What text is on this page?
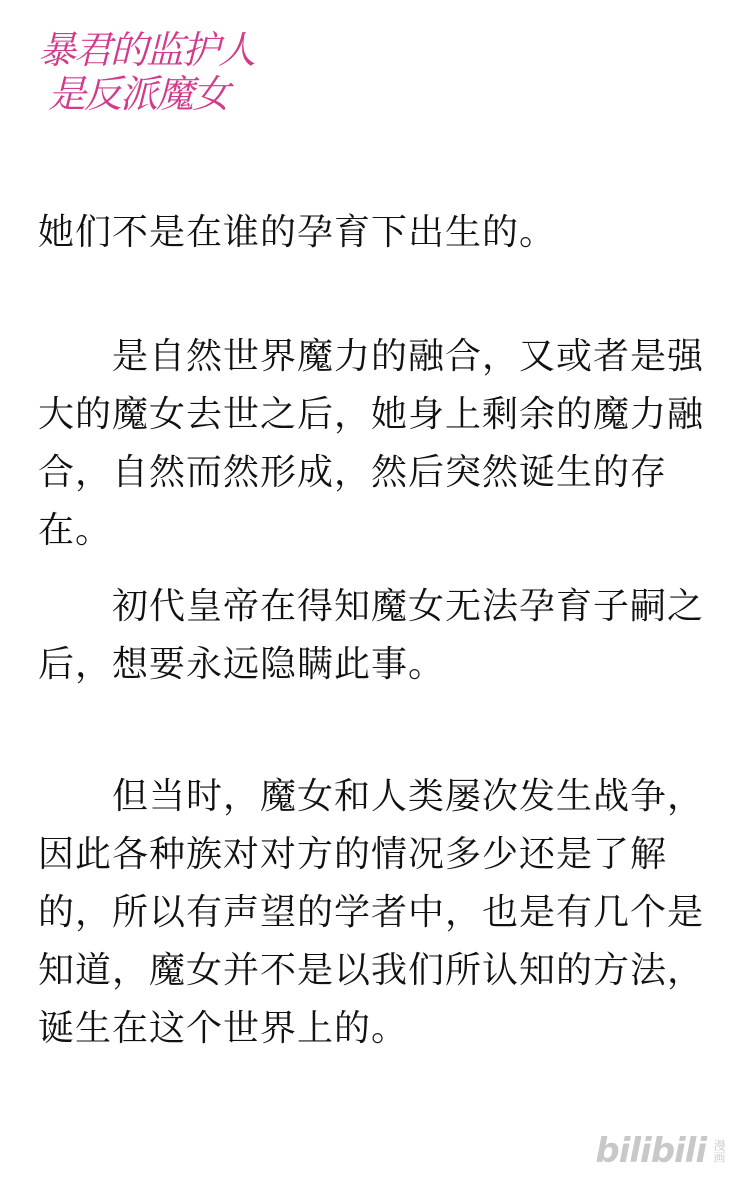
暴君的监护人
是反派魔女

她们不是在谁的孕育下出生的。

是自然世界魔力的融合，又或者是强大的魔女去世之后，她身上剩余的魔力融合，自然而然形成，然后突然诞生的存在。

初代皇帝在得知魔女无法孕育子嗣之后，想要永远隐瞒此事。

但当时，魔女和人类屡次发生战争，因此各种族对对方的情况多少还是了解的，所以有声望的学者中，也是有几个是知道，魔女并不是以我们所认知的方法，诞生在这个世界上的。

bilibili 漫画
